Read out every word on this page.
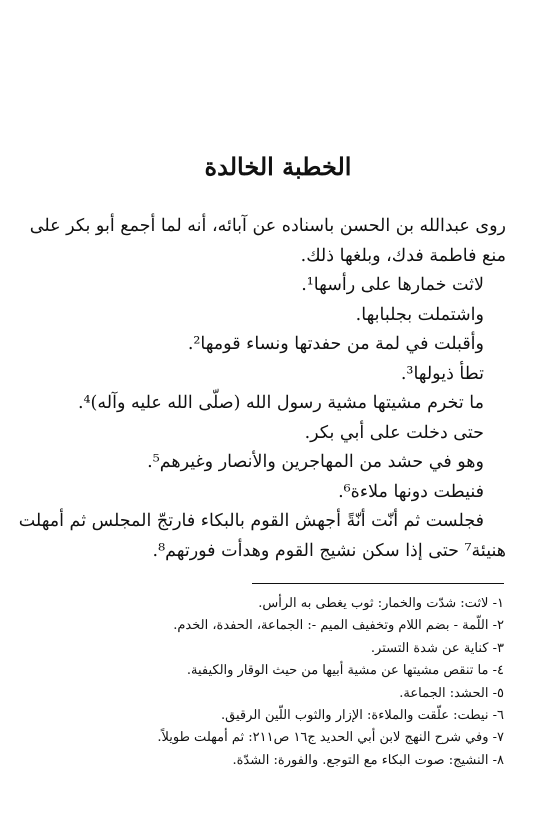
الخطبة الخالدة
روى عبدالله بن الحسن باسناده عن آبائه، أنه لما أجمع أبو بكر على
منع فاطمة فدك، وبلغها ذلك.
لاثت خمارها على رأسها¹.
واشتملت بجلبابها.
وأقبلت في لمة من حفدتها ونساء قومها².
تطأ ذيولها³.
ما تخرم مشيتها مشية رسول الله (صلّى الله عليه وآله)⁴.
حتى دخلت على أبي بكر.
وهو في حشد من المهاجرين والأنصار وغيرهم⁵.
فنيطت دونها ملاءة⁶.
فجلست ثم أنّت أنّةً أجهش القوم بالبكاء فارتجّ المجلس ثم أمهلت
هنيئة⁷ حتى إذا سكن نشيج القوم وهدأت فورتهم⁸.
١- لاثت: شدّت والخمار: ثوب يغطى به الرأس.
٢- اللّمة - بضم اللام وتخفيف الميم -: الجماعة، الحفدة، الخدم.
٣- كناية عن شدة التستر.
٤- ما تنقص مشيتها عن مشية أبيها من حيث الوقار والكيفية.
٥- الحشد: الجماعة.
٦- نيطت: علّقت والملاءة: الإزار والثوب اللّين الرقيق.
٧- وفي شرح النهج لابن أبي الحديد ج١٦ ص٢١١: ثم أمهلت طويلاً.
٨- النشيج: صوت البكاء مع التوجع. والفورة: الشدّة.
